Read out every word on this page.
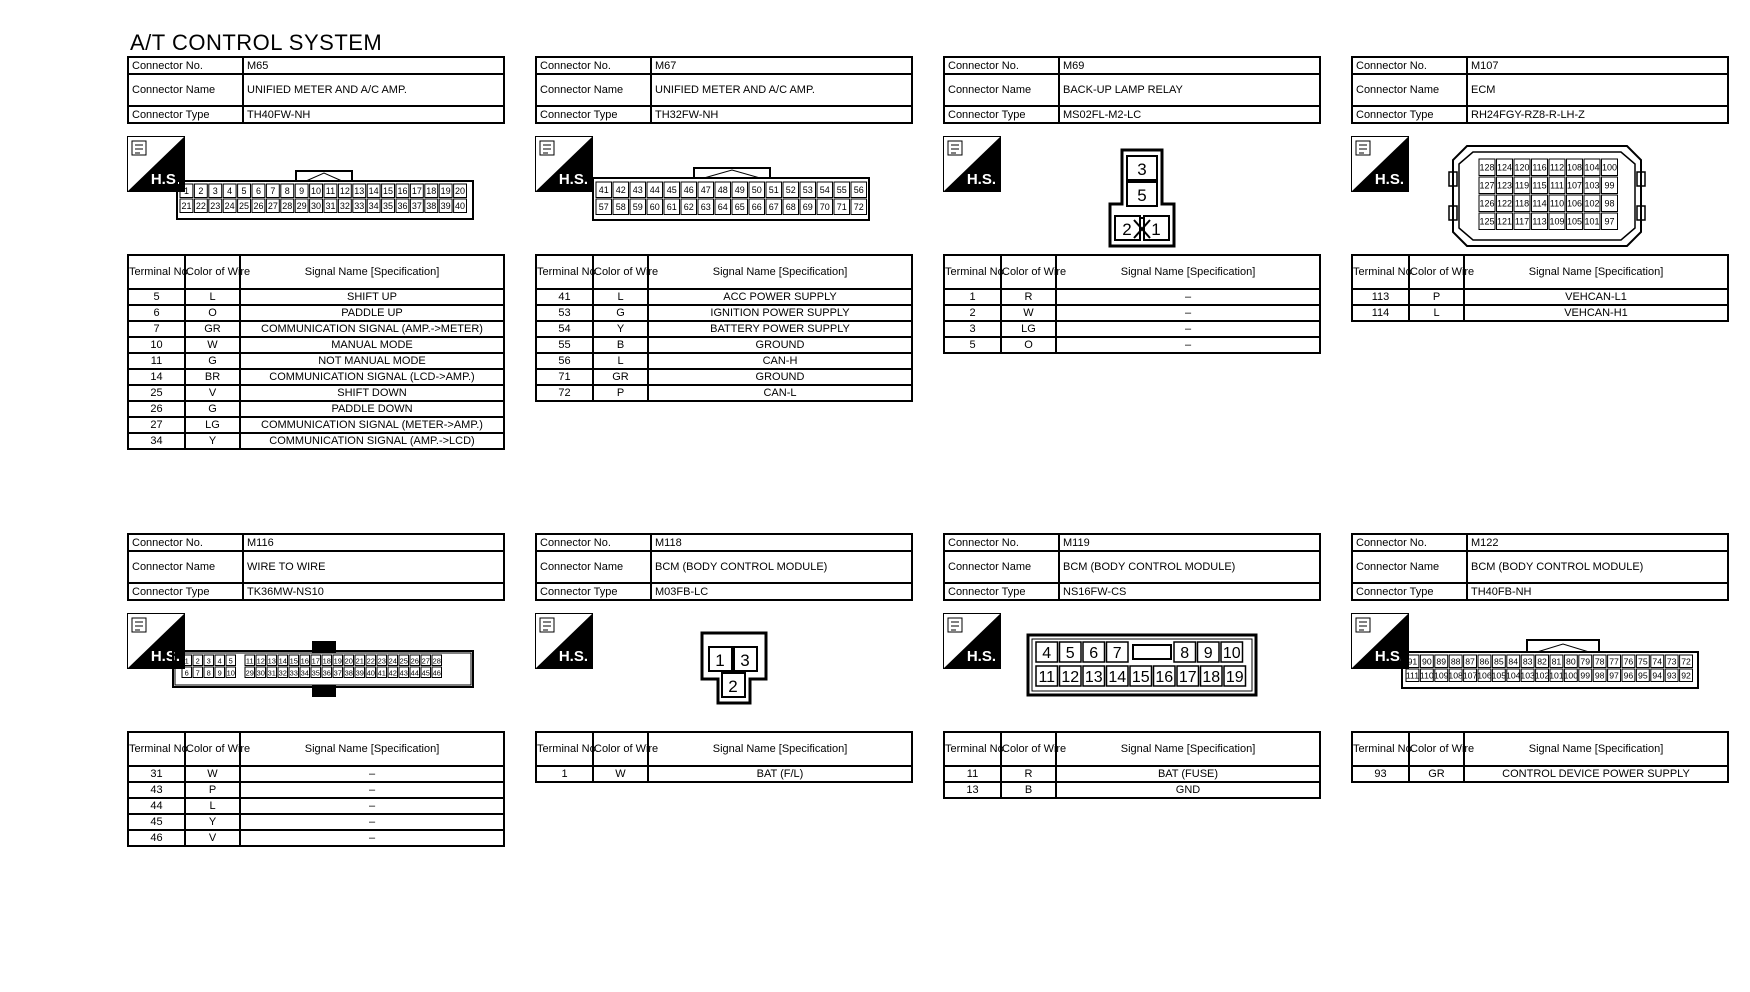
A/T CONTROL SYSTEM
Connector No.	M65
Connector Name	UNIFIED METER AND A/C AMP.
Connector Type	TH40FW-NH
H.S.
1 2 3 4 5 6 7 8 9 10 11 12 13 14 15 16 17 18 19 20
21 22 23 24 25 26 27 28 29 30 31 32 33 34 35 36 37 38 39 40
Terminal No.	Color of Wire	Signal Name [Specification]
5	L	SHIFT UP
6	O	PADDLE UP
7	GR	COMMUNICATION SIGNAL (AMP.->METER)
10	W	MANUAL MODE
11	G	NOT MANUAL MODE
14	BR	COMMUNICATION SIGNAL (LCD->AMP.)
25	V	SHIFT DOWN
26	G	PADDLE DOWN
27	LG	COMMUNICATION SIGNAL (METER->AMP.)
34	Y	COMMUNICATION SIGNAL (AMP.->LCD)
Connector No.	M67
Connector Name	UNIFIED METER AND A/C AMP.
Connector Type	TH32FW-NH
H.S.
41 42 43 44 45 46 47 48 49 50 51 52 53 54 55 56
57 58 59 60 61 62 63 64 65 66 67 68 69 70 71 72
Terminal No.	Color of Wire	Signal Name [Specification]
41	L	ACC POWER SUPPLY
53	G	IGNITION POWER SUPPLY
54	Y	BATTERY POWER SUPPLY
55	B	GROUND
56	L	CAN-H
71	GR	GROUND
72	P	CAN-L
Connector No.	M69
Connector Name	BACK-UP LAMP RELAY
Connector Type	MS02FL-M2-LC
H.S.
3
5
2 1
Terminal No.	Color of Wire	Signal Name [Specification]
1	R	–
2	W	–
3	LG	–
5	O	–
Connector No.	M107
Connector Name	ECM
Connector Type	RH24FGY-RZ8-R-LH-Z
H.S.
128 124 120 116 112 108 104 100
127 123 119 115 111 107 103 99
126 122 118 114 110 106 102 98
125 121 117 113 109 105 101 97
Terminal No.	Color of Wire	Signal Name [Specification]
113	P	VEHCAN-L1
114	L	VEHCAN-H1
Connector No.	M116
Connector Name	WIRE TO WIRE
Connector Type	TK36MW-NS10
H.S. 1 2 3 4 5 11 12 13 14 15 16 17 18 19 20 21 22 23 24 25 26 27 28
6 7 8 9 10 29 30 31 32 33 34 35 36 37 38 39 40 41 42 43 44 45 46
Terminal No.	Color of Wire	Signal Name [Specification]
31	W	–
43	P	–
44	L	–
45	Y	–
46	V	–
Connector No.	M118
Connector Name	BCM (BODY CONTROL MODULE)
Connector Type	M03FB-LC
H.S.	1 3
2
Terminal No.	Color of Wire	Signal Name [Specification]
1	W	BAT (F/L)
Connector No.	M119
Connector Name	BCM (BODY CONTROL MODULE)
Connector Type	NS16FW-CS
H.S.	4 5 6 7	8 9 10
11 12 13 14 15 16 17 18 19
Terminal No.	Color of Wire	Signal Name [Specification]
11	R	BAT (FUSE)
13	B	GND
Connector No.	M122
Connector Name	BCM (BODY CONTROL MODULE)
Connector Type	TH40FB-NH
H.S. 91 90 89 88 87 86 85 84 83 82 81 80 79 78 77 76 75 74 73 72
111 110 109 108 107 106 105 104 103 102 101 100 99 98 97 96 95 94 93 92
Terminal No.	Color of Wire	Signal Name [Specification]
93	GR	CONTROL DEVICE POWER SUPPLY
